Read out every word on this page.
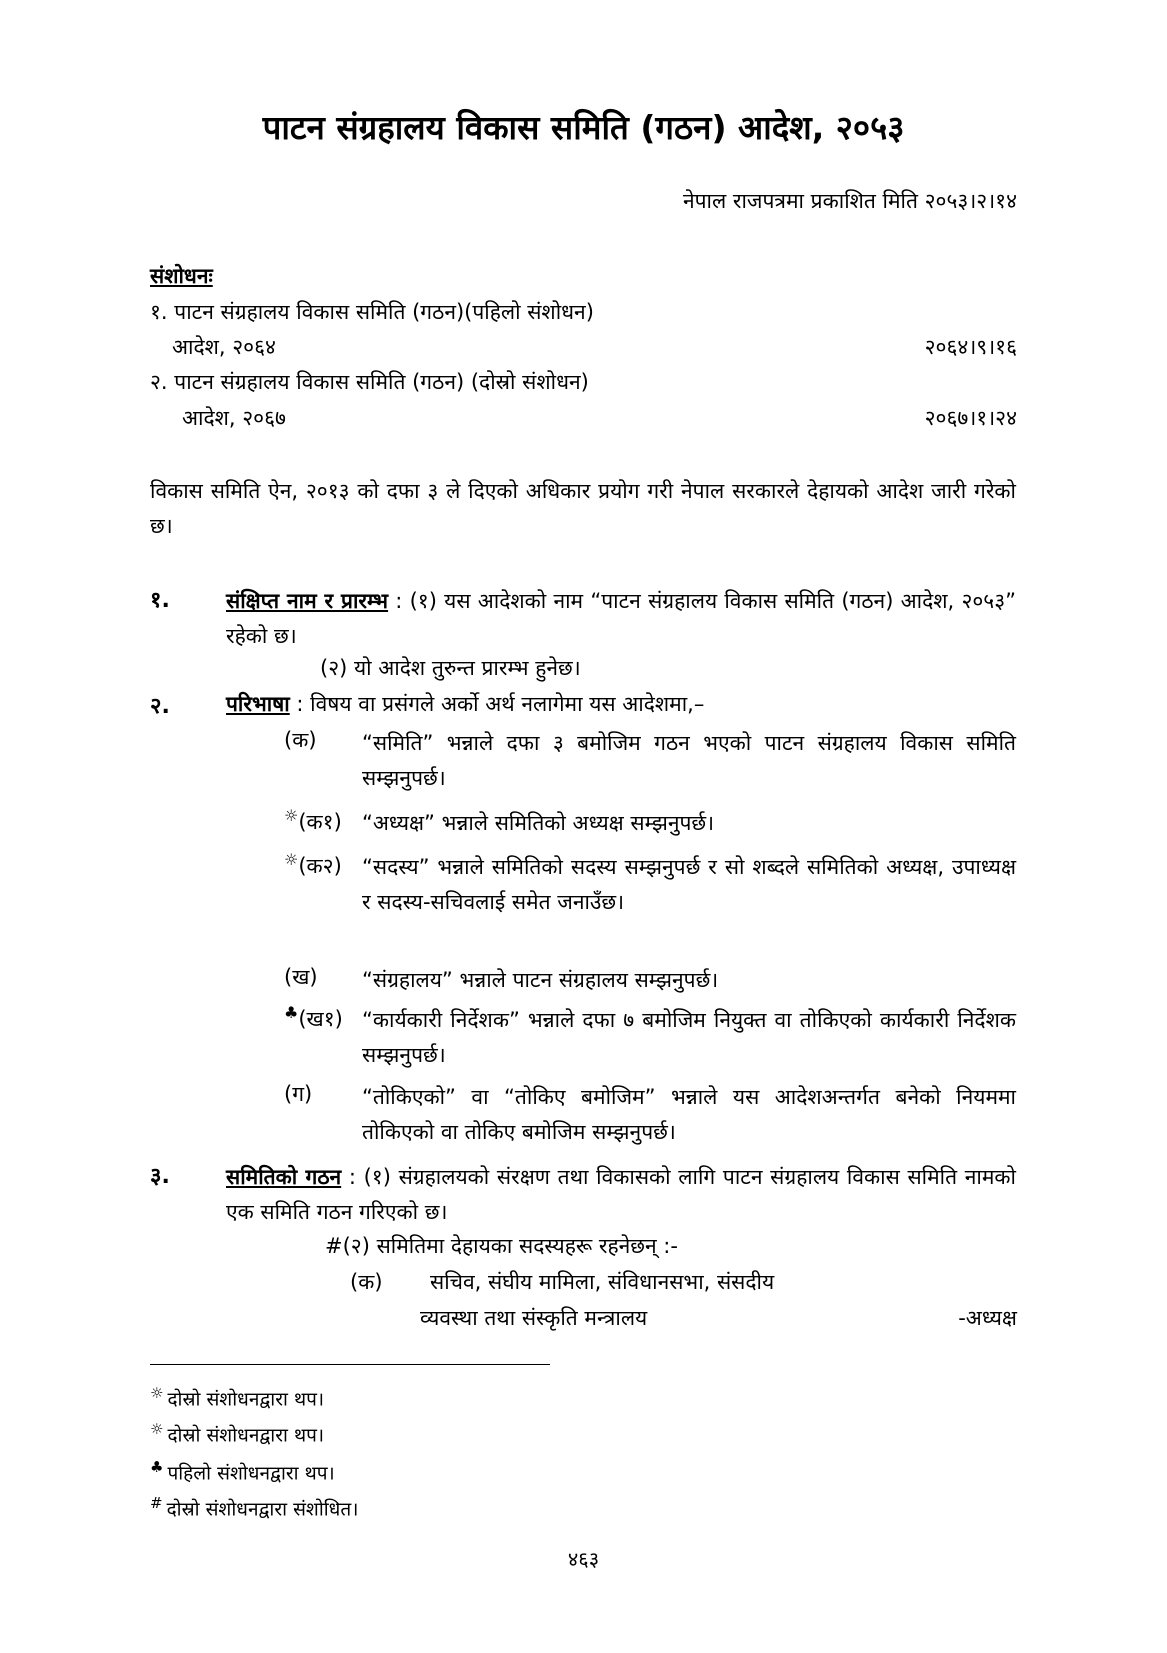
पाटन संग्रहालय विकास समिति (गठन) आदेश, २०५३
नेपाल राजपत्रमा प्रकाशित मिति २०५३।२।१४
संशोधनः
१. पाटन संग्रहालय विकास समिति (गठन)(पहिलो संशोधन)
आदेश, २०६४	२०६४।९।१६
२. पाटन संग्रहालय विकास समिति (गठन) (दोस्रो संशोधन)
आदेश, २०६७	२०६७।१।२४
विकास समिति ऐन, २०१३ को दफा ३ ले दिएको अधिकार प्रयोग गरी नेपाल सरकारले देहायको आदेश जारी गरेको छ।
१.	संक्षिप्त नाम र प्रारम्भ : (१) यस आदेशको नाम “पाटन संग्रहालय विकास समिति (गठन) आदेश, २०५३” रहेको छ।
(२) यो आदेश तुरुन्त प्रारम्भ हुनेछ।
२.	परिभाषा : विषय वा प्रसंगले अर्को अर्थ नलागेमा यस आदेशमा,–
(क) “समिति” भन्नाले दफा ३ बमोजिम गठन भएको पाटन संग्रहालय विकास समिति सम्झनुपर्छ।
☼(क१) “अध्यक्ष” भन्नाले समितिको अध्यक्ष सम्झनुपर्छ।
☼(क२) “सदस्य” भन्नाले समितिको सदस्य सम्झनुपर्छ र सो शब्दले समितिको अध्यक्ष, उपाध्यक्ष र सदस्य-सचिवलाई समेत जनाउँछ।
(ख) “संग्रहालय” भन्नाले पाटन संग्रहालय सम्झनुपर्छ।
♣(ख१) “कार्यकारी निर्देशक” भन्नाले दफा ७ बमोजिम नियुक्त वा तोकिएको कार्यकारी निर्देशक सम्झनुपर्छ।
(ग) “तोकिएको” वा “तोकिए बमोजिम” भन्नाले यस आदेशअन्तर्गत बनेको नियममा तोकिएको वा तोकिए बमोजिम सम्झनुपर्छ।
३.	समितिको गठन : (१) संग्रहालयको संरक्षण तथा विकासको लागि पाटन संग्रहालय विकास समिति नामको एक समिति गठन गरिएको छ।
#(२) समितिमा देहायका सदस्यहरू रहनेछन् :-
(क) सचिव, संघीय मामिला, संविधानसभा, संसदीय
व्यवस्था तथा संस्कृति मन्त्रालय	-अध्यक्ष
☼ दोस्रो संशोधनद्वारा थप।
☼ दोस्रो संशोधनद्वारा थप।
♣ पहिलो संशोधनद्वारा थप।
# दोस्रो संशोधनद्वारा संशोधित।
४६३
